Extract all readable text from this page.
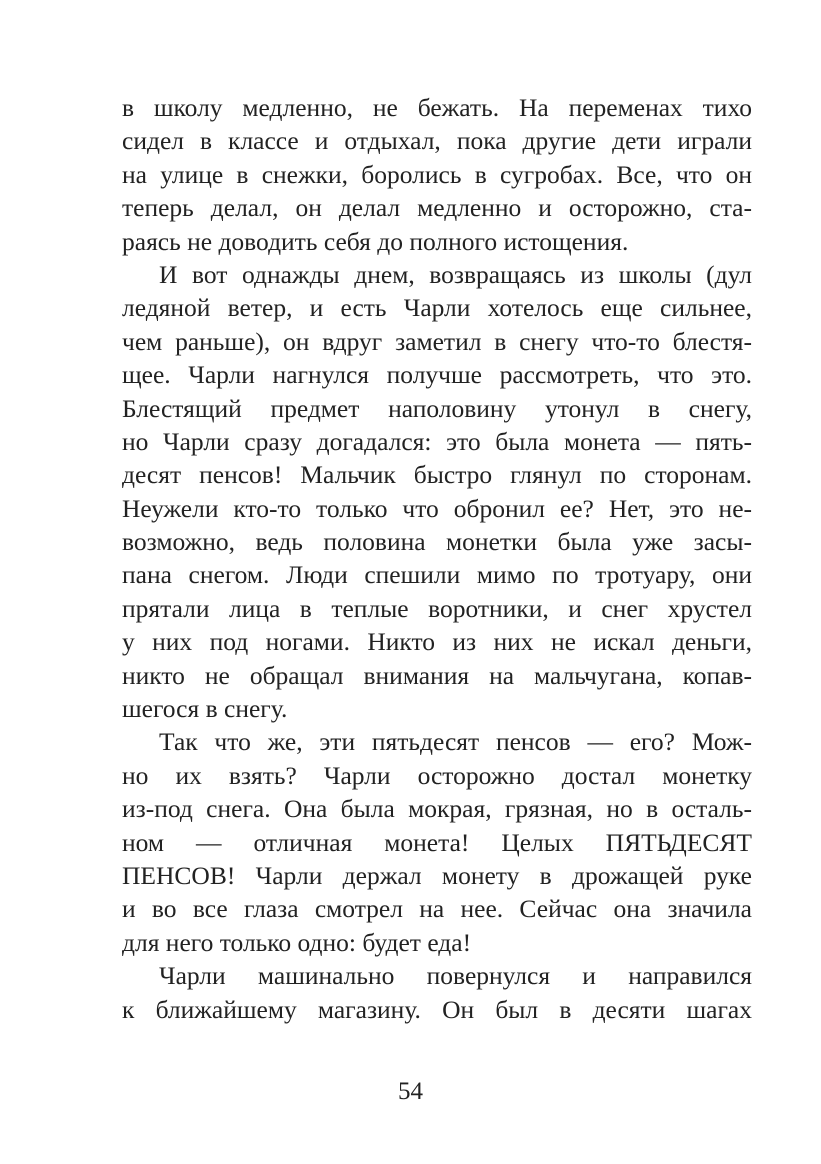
в школу медленно, не бежать. На переменах тихо
сидел в классе и отдыхал, пока другие дети играли
на улице в снежки, боролись в сугробах. Все, что он
теперь делал, он делал медленно и осторожно, ста-
раясь не доводить себя до полного истощения.
И вот однажды днем, возвращаясь из школы (дул
ледяной ветер, и есть Чарли хотелось еще сильнее,
чем раньше), он вдруг заметил в снегу что-то блестя-
щее. Чарли нагнулся получше рассмотреть, что это.
Блестящий предмет наполовину утонул в снегу,
но Чарли сразу догадался: это была монета — пять-
десят пенсов! Мальчик быстро глянул по сторонам.
Неужели кто-то только что обронил ее? Нет, это не-
возможно, ведь половина монетки была уже засы-
пана снегом. Люди спешили мимо по тротуару, они
прятали лица в теплые воротники, и снег хрустел
у них под ногами. Никто из них не искал деньги,
никто не обращал внимания на мальчугана, копав-
шегося в снегу.
Так что же, эти пятьдесят пенсов — его? Мож-
но их взять? Чарли осторожно достал монетку
из-под снега. Она была мокрая, грязная, но в осталь-
ном — отличная монета! Целых ПЯТЬДЕСЯТ
ПЕНСОВ! Чарли держал монету в дрожащей руке
и во все глаза смотрел на нее. Сейчас она значила
для него только одно: будет еда!
Чарли машинально повернулся и направился
к ближайшему магазину. Он был в десяти шагах
54
